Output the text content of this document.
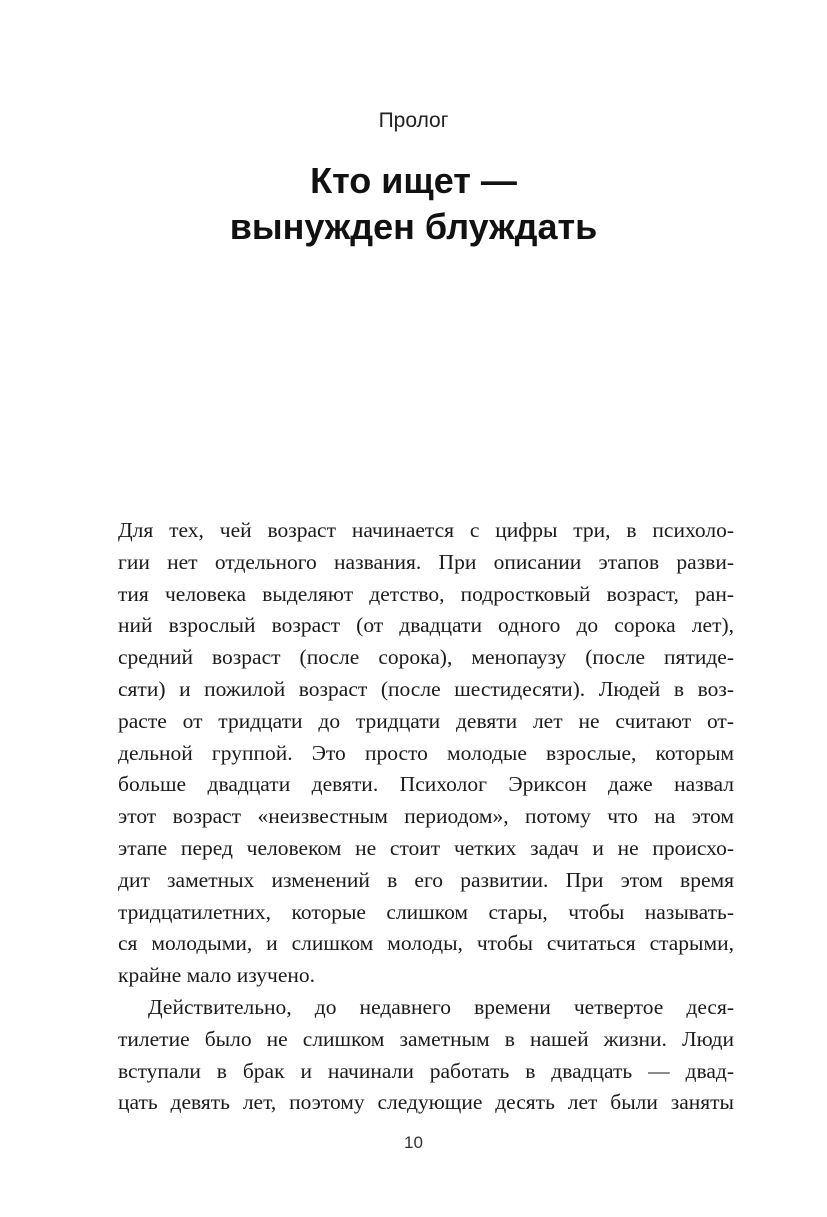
Пролог
Кто ищет —
вынужден блуждать

Для тех, чей возраст начинается с цифры три, в психоло-
гии нет отдельного названия. При описании этапов разви-
тия человека выделяют детство, подростковый возраст, ран-
ний взрослый возраст (от двадцати одного до сорока лет),
средний возраст (после сорока), менопаузу (после пятиде-
сяти) и пожилой возраст (после шестидесяти). Людей в воз-
расте от тридцати до тридцати девяти лет не считают от-
дельной группой. Это просто молодые взрослые, которым
больше двадцати девяти. Психолог Эриксон даже назвал
этот возраст «неизвестным периодом», потому что на этом
этапе перед человеком не стоит четких задач и не происхо-
дит заметных изменений в его развитии. При этом время
тридцатилетних, которые слишком стары, чтобы называть-
ся молодыми, и слишком молоды, чтобы считаться старыми,
крайне мало изучено.

Действительно, до недавнего времени четвертое деся-
тилетие было не слишком заметным в нашей жизни. Люди
вступали в брак и начинали работать в двадцать — двад-
цать девять лет, поэтому следующие десять лет были заняты

10
